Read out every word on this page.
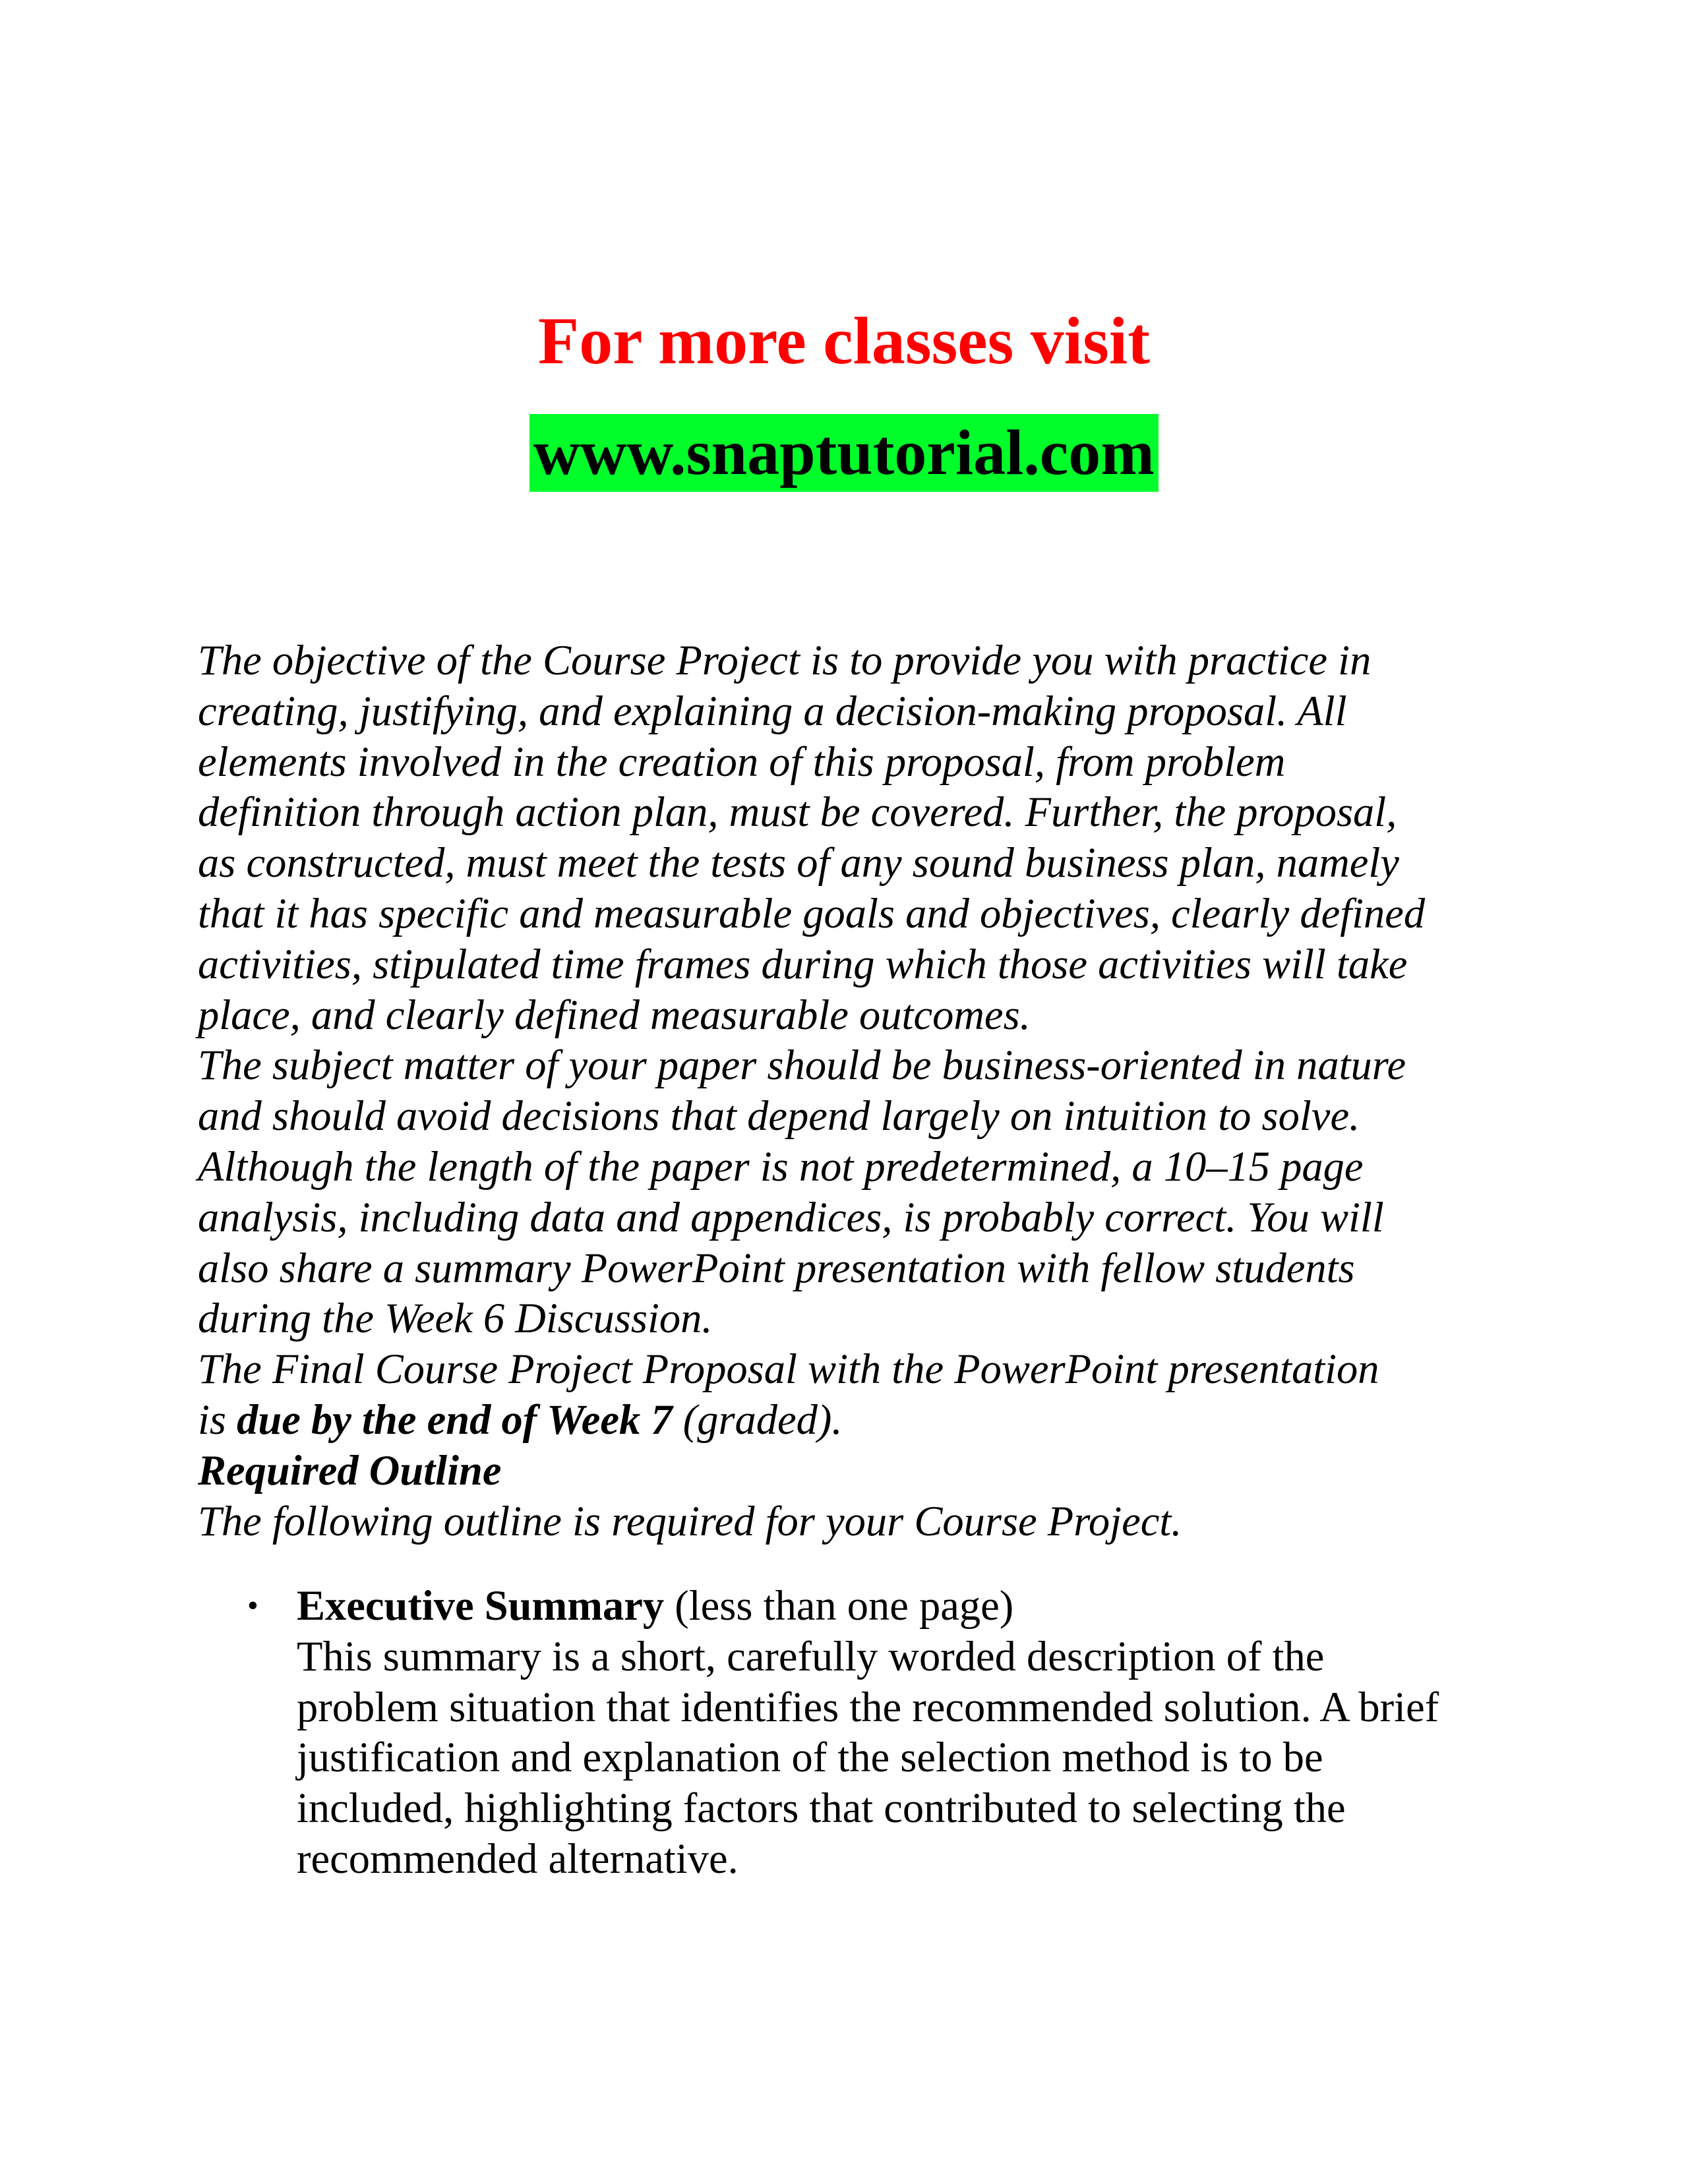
For more classes visit
www.snaptutorial.com
The objective of the Course Project is to provide you with practice in
creating, justifying, and explaining a decision-making proposal. All
elements involved in the creation of this proposal, from problem
definition through action plan, must be covered. Further, the proposal,
as constructed, must meet the tests of any sound business plan, namely
that it has specific and measurable goals and objectives, clearly defined
activities, stipulated time frames during which those activities will take
place, and clearly defined measurable outcomes.
The subject matter of your paper should be business-oriented in nature
and should avoid decisions that depend largely on intuition to solve.
Although the length of the paper is not predetermined, a 10–15 page
analysis, including data and appendices, is probably correct. You will
also share a summary PowerPoint presentation with fellow students
during the Week 6 Discussion.
The Final Course Project Proposal with the PowerPoint presentation
is due by the end of Week 7 (graded).
Required Outline
The following outline is required for your Course Project.
• Executive Summary (less than one page)
This summary is a short, carefully worded description of the
problem situation that identifies the recommended solution. A brief
justification and explanation of the selection method is to be
included, highlighting factors that contributed to selecting the
recommended alternative.
